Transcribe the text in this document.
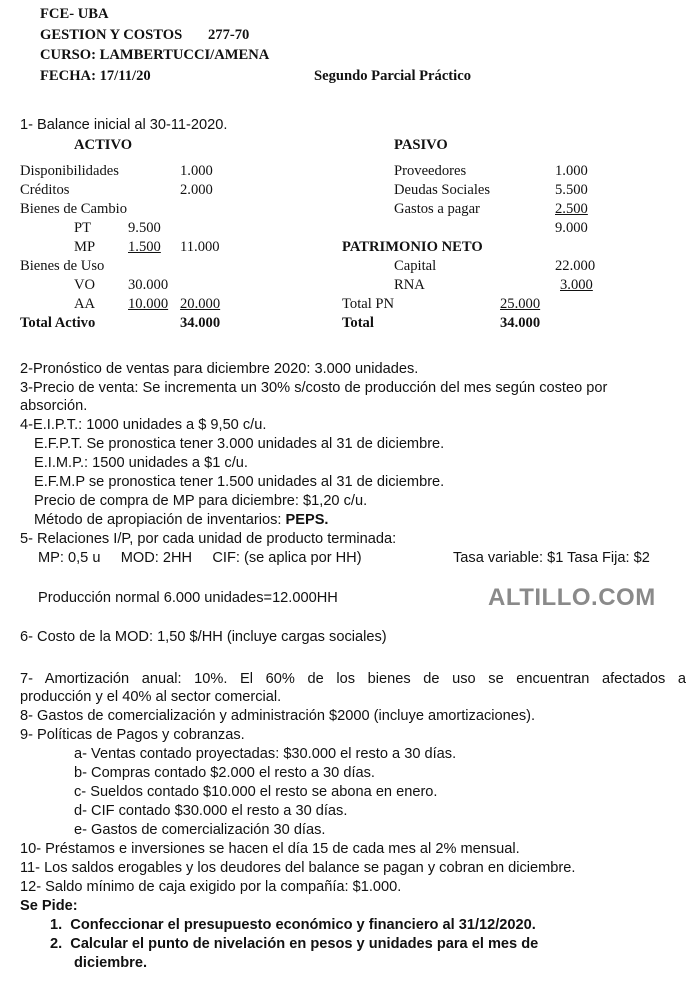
FCE- UBA
GESTION Y COSTOS 277-70
CURSO: LAMBERTUCCI/AMENA
FECHA: 17/11/20	Segundo Parcial Práctico
1- Balance inicial al 30-11-2020.
ACTIVO	PASIVO
Disponibilidades	1.000
Créditos	2.000
Bienes de Cambio
PT	9.500
MP 1.500 11.000
Bienes de Uso
VO 30.000
AA 10.000 20.000
Total Activo	34.000
Proveedores	1.000
Deudas Sociales	5.500
Gastos a pagar	2.500
9.000
PATRIMONIO NETO
Capital	22.000
RNA	3.000
Total PN	25.000
Total	34.000
2-Pronóstico de ventas para diciembre 2020: 3.000 unidades.
3-Precio de venta: Se incrementa un 30% s/costo de producción del mes según costeo por
absorción.
4-E.I.P.T.: 1000 unidades a $ 9,50 c/u.
E.F.P.T. Se pronostica tener 3.000 unidades al 31 de diciembre.
E.I.M.P.: 1500 unidades a $1 c/u.
E.F.M.P se pronostica tener 1.500 unidades al 31 de diciembre.
Precio de compra de MP para diciembre: $1,20 c/u.
Método de apropiación de inventarios: PEPS.
5- Relaciones I/P, por cada unidad de producto terminada:
MP: 0,5 u     MOD: 2HH     CIF: (se aplica por HH)	Tasa variable: $1 Tasa Fija: $2
Producción normal 6.000 unidades=12.000HH	ALTILLO.COM
6- Costo de la MOD: 1,50 $/HH (incluye cargas sociales)
7- Amortización anual: 10%. El 60% de los bienes de uso se encuentran afectados a
producción y el 40% al sector comercial.
8- Gastos de comercialización y administración $2000 (incluye amortizaciones).
9- Políticas de Pagos y cobranzas.
a- Ventas contado proyectadas: $30.000 el resto a 30 días.
b- Compras contado $2.000 el resto a 30 días.
c- Sueldos contado $10.000 el resto se abona en enero.
d- CIF contado $30.000 el resto a 30 días.
e- Gastos de comercialización 30 días.
10- Préstamos e inversiones se hacen el día 15 de cada mes al 2% mensual.
11- Los saldos erogables y los deudores del balance se pagan y cobran en diciembre.
12- Saldo mínimo de caja exigido por la compañía: $1.000.
Se Pide:
1.  Confeccionar el presupuesto económico y financiero al 31/12/2020.
2.  Calcular el punto de nivelación en pesos y unidades para el mes de
diciembre.
